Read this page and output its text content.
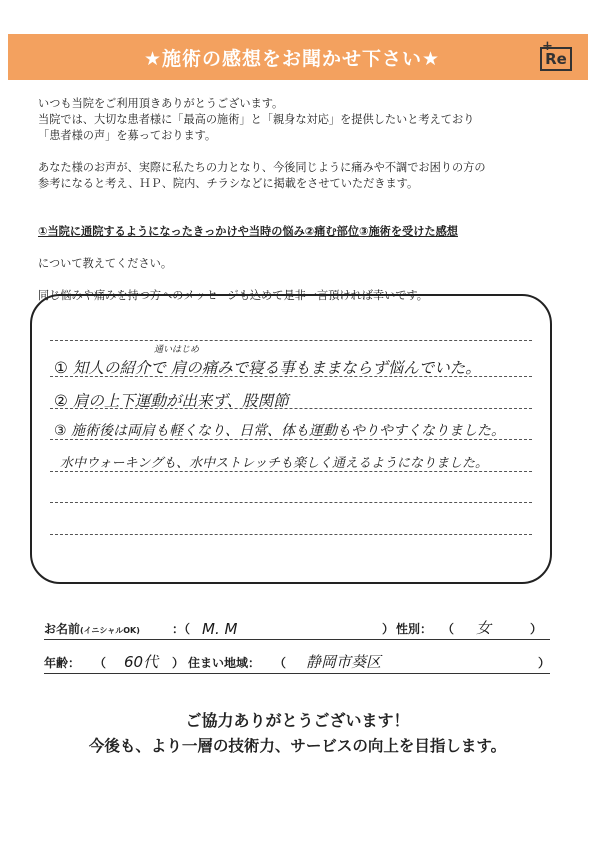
★施術の感想をお聞かせ下さい★
+
Re

いつも当院をご利用頂きありがとうございます。
当院では、大切な患者様に「最高の施術」と「親身な対応」を提供したいと考えており
「患者様の声」を募っております。

あなた様のお声が、実際に私たちの力となり、今後同じように痛みや不調でお困りの方の
参考になると考え、ＨＰ、院内、チラシなどに掲載をさせていただきます。

①当院に通院するようになったきっかけや当時の悩み②痛む部位③施術を受けた感想

について教えてください。

同じ悩みや痛みを持つ方へのメッセージも込めて是非一言頂ければ幸いです。

通いはじめ
① 知人の紹介で 肩の痛みで寝る事もままならず悩んでいた。
② 肩の上下運動が出来ず、股関節
③ 施術後は両肩も軽くなり、日常、体も運動もやりやすくなりました。
水中ウォーキングも、水中ストレッチも楽しく通えるようになりました。
お名前(イニシャルOK)	：（ M. M	） 性別： （ 女	）
年齢： （ 60代 ） 住まい地域： （ 静岡市葵区	）
ご協力ありがとうございます！
今後も、より一層の技術力、サービスの向上を目指します。
